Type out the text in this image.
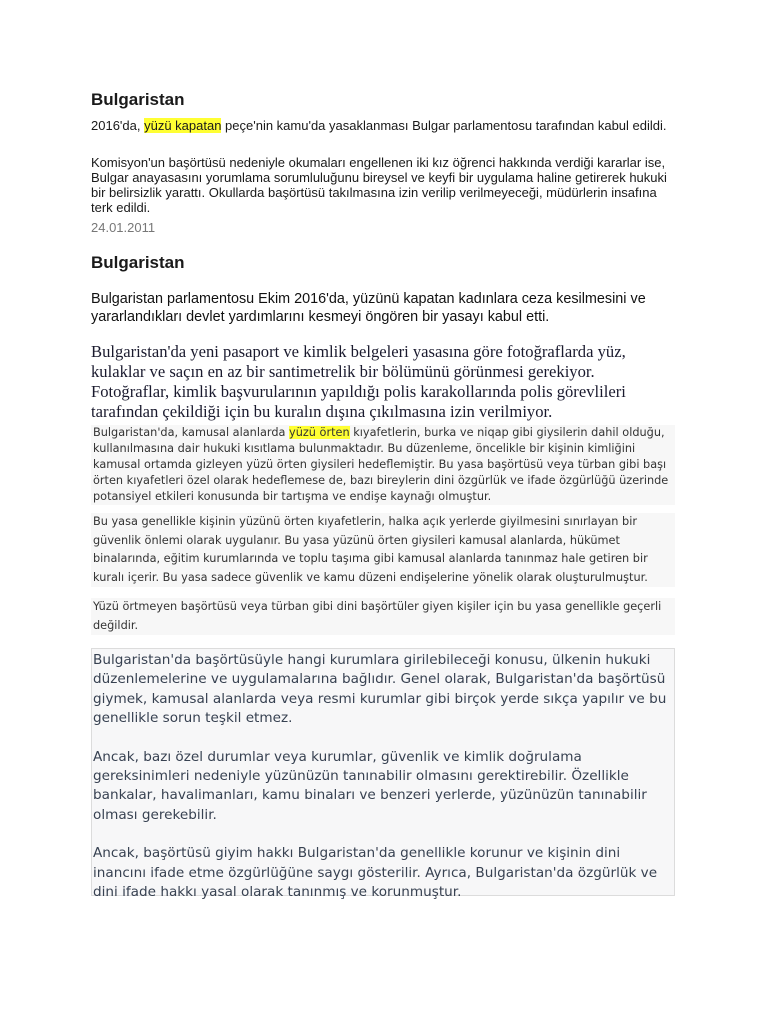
Bulgaristan

2016'da, yüzü kapatan peçe'nin kamu'da yasaklanması Bulgar parlamentosu tarafından kabul edildi.

Komisyon'un başörtüsü nedeniyle okumaları engellenen iki kız öğrenci hakkında verdiği kararlar ise, Bulgar anayasasını yorumlama sorumluluğunu bireysel ve keyfi bir uygulama haline getirerek hukuki bir belirsizlik yarattı. Okullarda başörtüsü takılmasına izin verilip verilmeyeceği, müdürlerin insafına terk edildi.

24.01.2011

Bulgaristan

Bulgaristan parlamentosu Ekim 2016'da, yüzünü kapatan kadınlara ceza kesilmesini ve yararlandıkları devlet yardımlarını kesmeyi öngören bir yasayı kabul etti.

Bulgaristan'da yeni pasaport ve kimlik belgeleri yasasına göre fotoğraflarda yüz, kulaklar ve saçın en az bir santimetrelik bir bölümünü görünmesi gerekiyor. Fotoğraflar, kimlik başvurularının yapıldığı polis karakollarında polis görevlileri tarafından çekildiği için bu kuralın dışına çıkılmasına izin verilmiyor.

Bulgaristan'da, kamusal alanlarda yüzü örten kıyafetlerin, burka ve niqap gibi giysilerin dahil olduğu, kullanılmasına dair hukuki kısıtlama bulunmaktadır. Bu düzenleme, öncelikle bir kişinin kimliğini kamusal ortamda gizleyen yüzü örten giysileri hedeflemiştir. Bu yasa başörtüsü veya türban gibi başı örten kıyafetleri özel olarak hedeflemese de, bazı bireylerin dini özgürlük ve ifade özgürlüğü üzerinde potansiyel etkileri konusunda bir tartışma ve endişe kaynağı olmuştur.

Bu yasa genellikle kişinin yüzünü örten kıyafetlerin, halka açık yerlerde giyilmesini sınırlayan bir güvenlik önlemi olarak uygulanır. Bu yasa yüzünü örten giysileri kamusal alanlarda, hükümet binalarında, eğitim kurumlarında ve toplu taşıma gibi kamusal alanlarda tanınmaz hale getiren bir kuralı içerir. Bu yasa sadece güvenlik ve kamu düzeni endişelerine yönelik olarak oluşturulmuştur.

Yüzü örtmeyen başörtüsü veya türban gibi dini başörtüler giyen kişiler için bu yasa genellikle geçerli değildir.

Bulgaristan'da başörtüsüyle hangi kurumlara girilebileceği konusu, ülkenin hukuki düzenlemelerine ve uygulamalarına bağlıdır. Genel olarak, Bulgaristan'da başörtüsü giymek, kamusal alanlarda veya resmi kurumlar gibi birçok yerde sıkça yapılır ve bu genellikle sorun teşkil etmez.

Ancak, bazı özel durumlar veya kurumlar, güvenlik ve kimlik doğrulama gereksinimleri nedeniyle yüzünüzün tanınabilir olmasını gerektirebilir. Özellikle bankalar, havalimanları, kamu binaları ve benzeri yerlerde, yüzünüzün tanınabilir olması gerekebilir.

Ancak, başörtüsü giyim hakkı Bulgaristan'da genellikle korunur ve kişinin dini inancını ifade etme özgürlüğüne saygı gösterilir. Ayrıca, Bulgaristan'da özgürlük ve dini ifade hakkı yasal olarak tanınmış ve korunmuştur.
